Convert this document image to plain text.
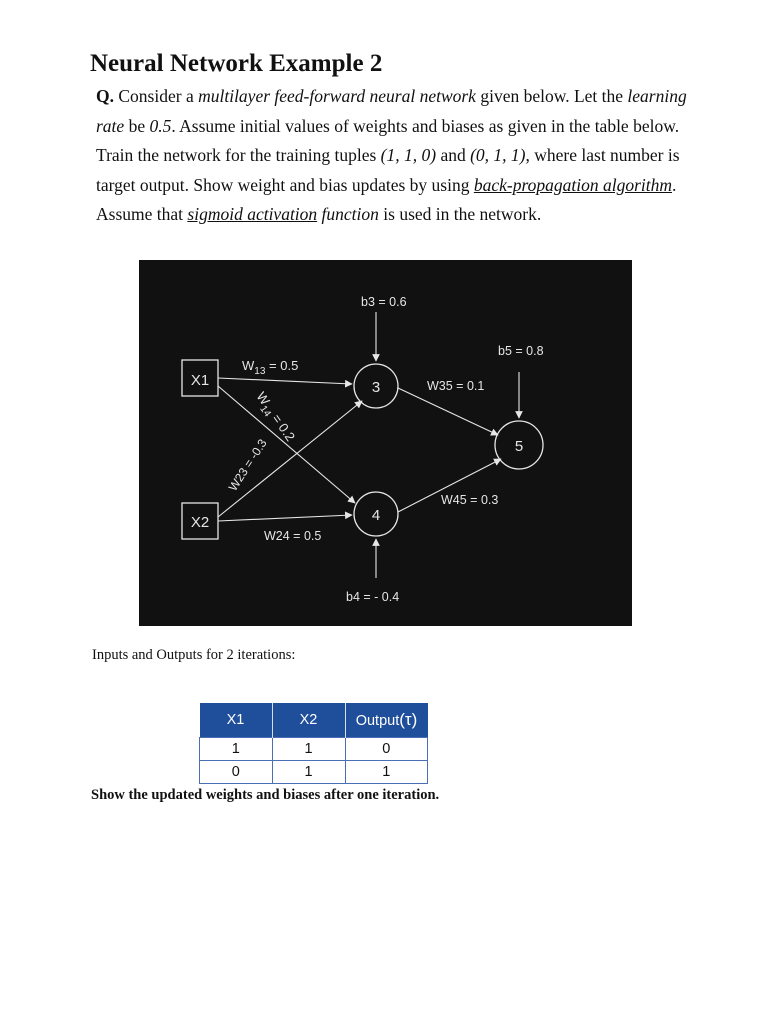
Neural Network Example 2
Q. Consider a multilayer feed-forward neural network given below. Let the learning rate be 0.5. Assume initial values of weights and biases as given in the table below. Train the network for the training tuples (1, 1, 0) and (0, 1, 1), where last number is target output. Show weight and bias updates by using back-propagation algorithm. Assume that sigmoid activation function is used in the network.
X1
X2
3
4
5
b3 = 0.6
b5 = 0.8
b4 = - 0.4
$W_{13} = 0.5$
$W_{14} = 0.2$
W23 = -0.3
W24 = 0.5
W35 = 0.1
W45 = 0.3
Inputs and Outputs for 2 iterations:
X1	X2	Output(τ)
1	1	0
0	1	1
Show the updated weights and biases after one iteration.
